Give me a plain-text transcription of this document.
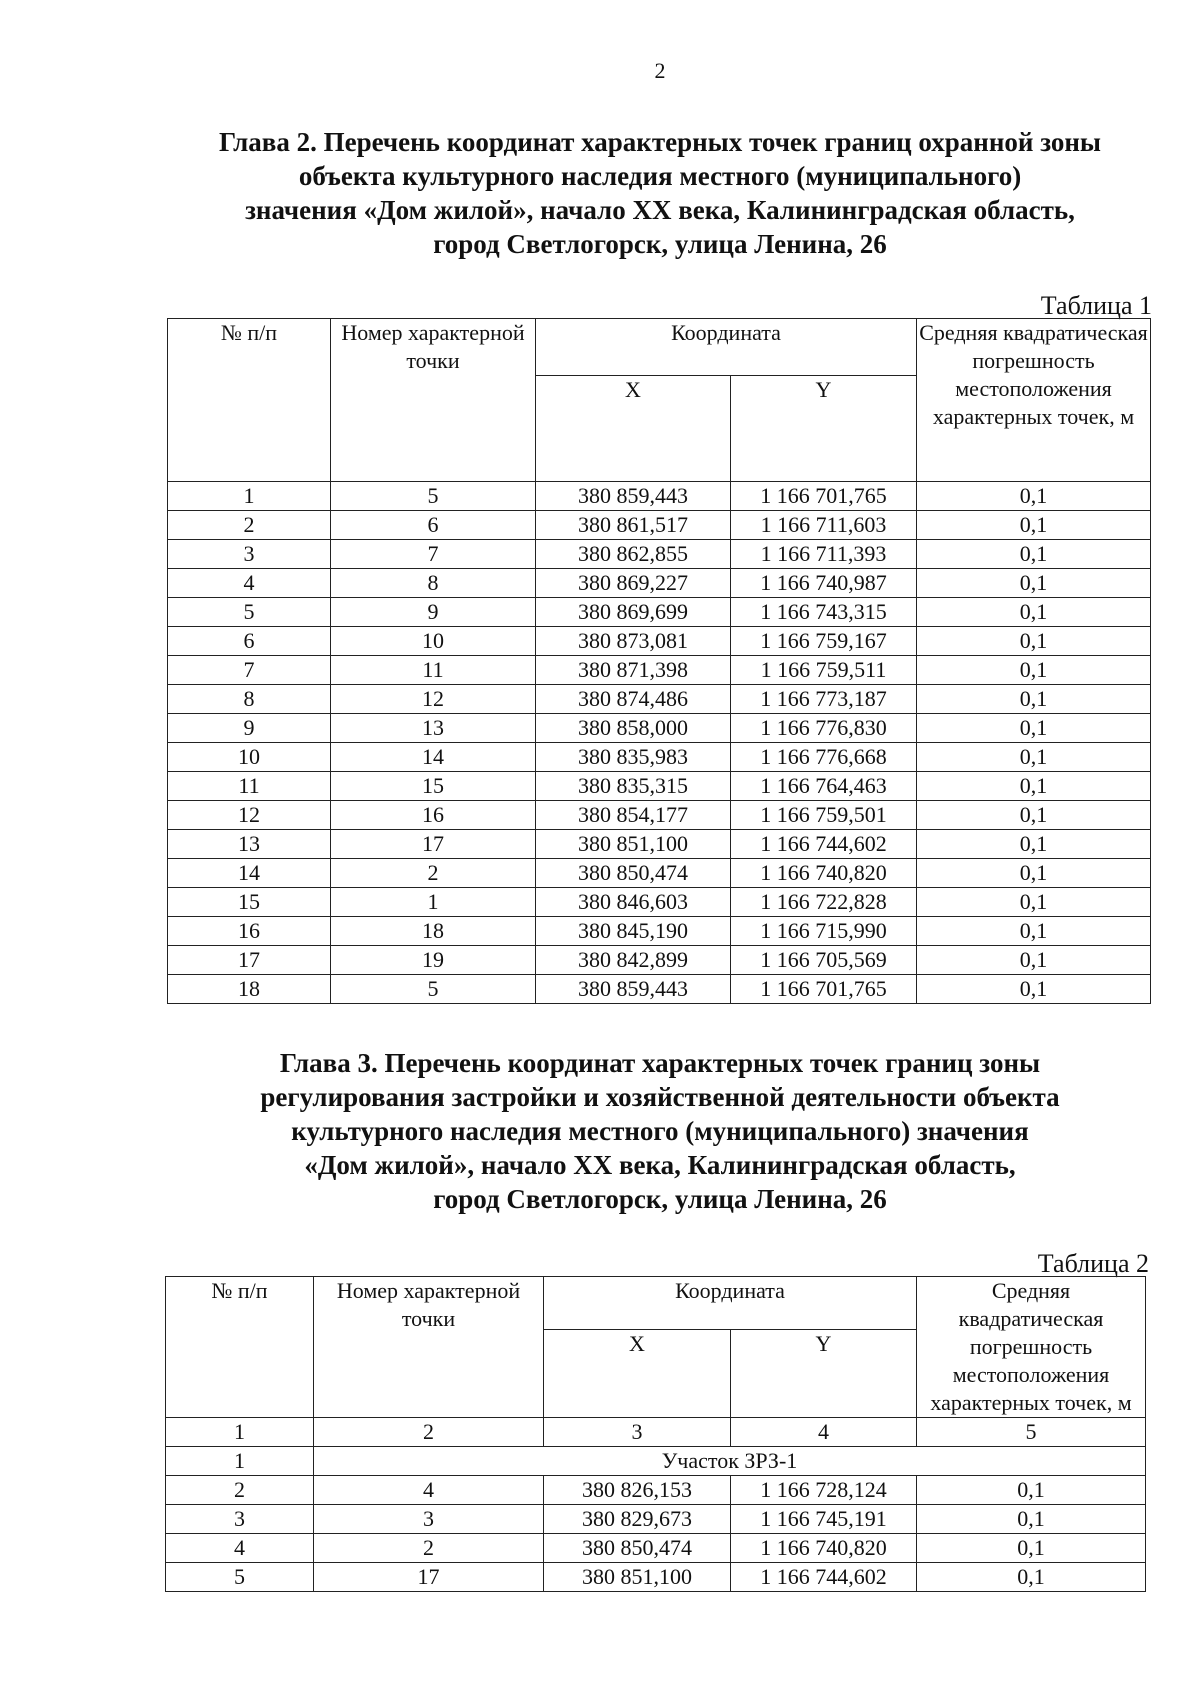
2
Глава 2. Перечень координат характерных точек границ охранной зоны
объекта культурного наследия местного (муниципального)
значения «Дом жилой», начало XX века, Калининградская область,
город Светлогорск, улица Ленина, 26
Таблица 1
№ п/п	Номер характерной точки	Координата		Средняя квадратическая погрешность местоположения характерных точек, м
		X	Y	
1	5	380 859,443	1 166 701,765	0,1
2	6	380 861,517	1 166 711,603	0,1
3	7	380 862,855	1 166 711,393	0,1
4	8	380 869,227	1 166 740,987	0,1
5	9	380 869,699	1 166 743,315	0,1
6	10	380 873,081	1 166 759,167	0,1
7	11	380 871,398	1 166 759,511	0,1
8	12	380 874,486	1 166 773,187	0,1
9	13	380 858,000	1 166 776,830	0,1
10	14	380 835,983	1 166 776,668	0,1
11	15	380 835,315	1 166 764,463	0,1
12	16	380 854,177	1 166 759,501	0,1
13	17	380 851,100	1 166 744,602	0,1
14	2	380 850,474	1 166 740,820	0,1
15	1	380 846,603	1 166 722,828	0,1
16	18	380 845,190	1 166 715,990	0,1
17	19	380 842,899	1 166 705,569	0,1
18	5	380 859,443	1 166 701,765	0,1
Глава 3. Перечень координат характерных точек границ зоны
регулирования застройки и хозяйственной деятельности объекта
культурного наследия местного (муниципального) значения
«Дом жилой», начало XX века, Калининградская область,
город Светлогорск, улица Ленина, 26
Таблица 2
№ п/п	Номер характерной точки	Координата		Средняя квадратическая погрешность местоположения характерных точек, м
		X	Y	
1	2	3	4	5
1	Участок ЗРЗ-1			
2	4	380 826,153	1 166 728,124	0,1
3	3	380 829,673	1 166 745,191	0,1
4	2	380 850,474	1 166 740,820	0,1
5	17	380 851,100	1 166 744,602	0,1
